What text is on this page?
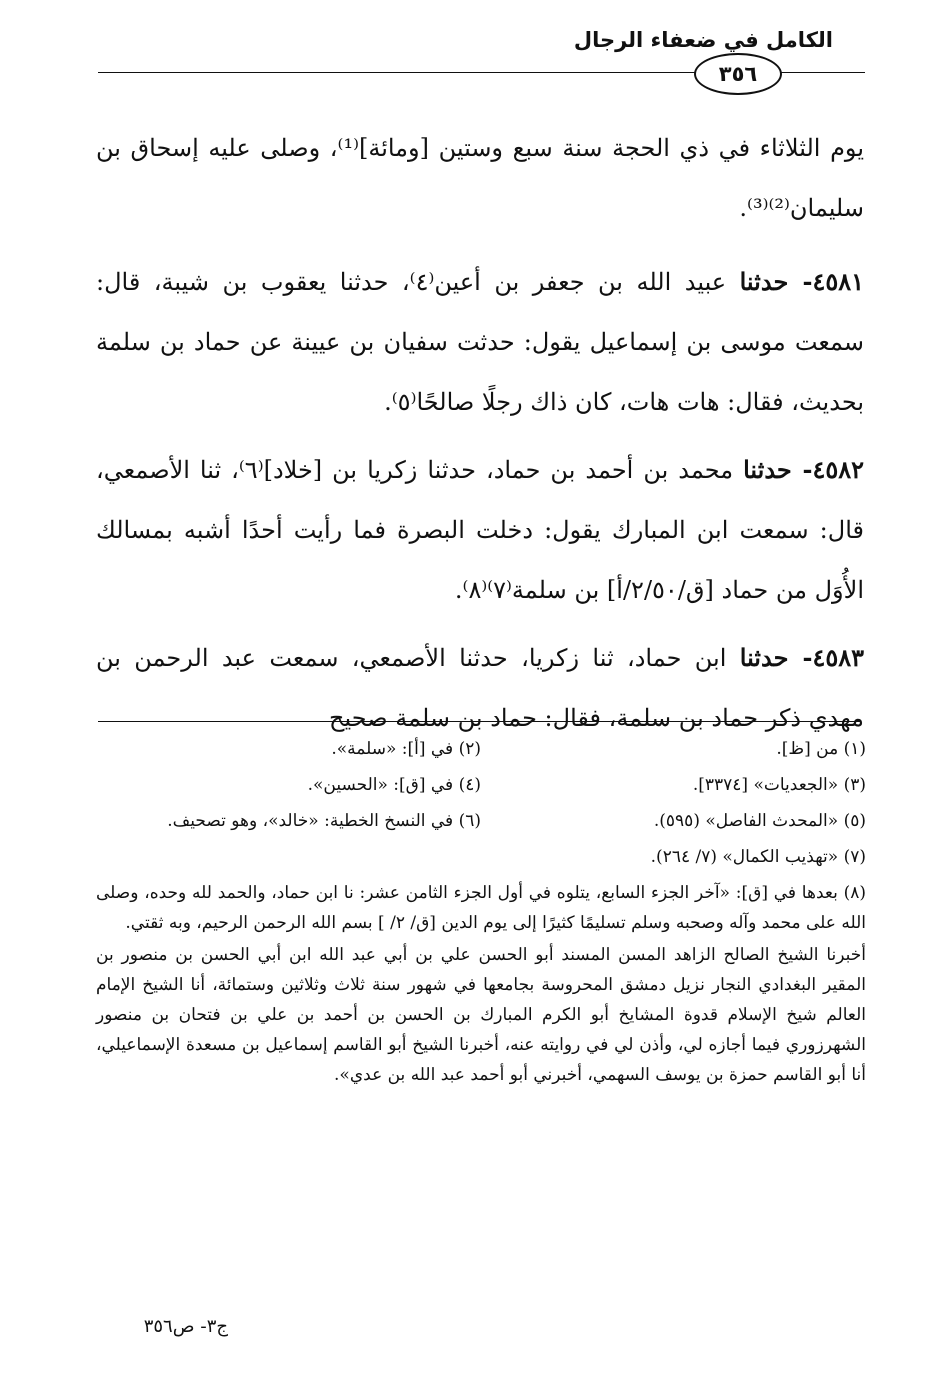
الكامل في ضعفاء الرجال
٣٥٦

يوم الثلاثاء في ذي الحجة سنة سبع وستين [ومائة]⁽¹⁾، وصلى عليه إسحاق بن سليمان⁽²⁾⁽³⁾.

٤٥٨١- حدثنا عبيد الله بن جعفر بن أعين⁽٤⁾، حدثنا يعقوب بن شيبة، قال: سمعت موسى بن إسماعيل يقول: حدثت سفيان بن عيينة عن حماد بن سلمة بحديث، فقال: هات هات، كان ذاك رجلًا صالحًا⁽٥⁾.

٤٥٨٢- حدثنا محمد بن أحمد بن حماد، حدثنا زكريا بن [خلاد]⁽٦⁾، ثنا الأصمعي، قال: سمعت ابن المبارك يقول: دخلت البصرة فما رأيت أحدًا أشبه بمسالك الأُوَل من حماد [ق/٢/٥٠/أ] بن سلمة⁽٧⁾⁽٨⁾.

٤٥٨٣- حدثنا ابن حماد، ثنا زكريا، حدثنا الأصمعي، سمعت عبد الرحمن بن مهدي ذكر حماد بن سلمة، فقال: حماد بن سلمة صحيح

(١) من [ظ].
(٢) في [أ]: «سلمة».
(٣) «الجعديات» [٣٣٧٤].
(٤) في [ق]: «الحسين».
(٥) «المحدث الفاصل» (٥٩٥).
(٦) في النسخ الخطية: «خالد»، وهو تصحيف.
(٧) «تهذيب الكمال» (٧/ ٢٦٤).
(٨) بعدها في [ق]: «آخر الجزء السابع، يتلوه في أول الجزء الثامن عشر: نا ابن حماد، والحمد لله وحده، وصلى الله على محمد وآله وصحبه وسلم تسليمًا كثيرًا إلى يوم الدين [ق/ ٢/ ] بسم الله الرحمن الرحيم، وبه ثقتي.
أخبرنا الشيخ الصالح الزاهد المسن المسند أبو الحسن علي بن أبي عبد الله ابن أبي الحسن بن منصور بن المقير البغدادي النجار نزيل دمشق المحروسة بجامعها في شهور سنة ثلاث وثلاثين وستمائة، أنا الشيخ الإمام العالم شيخ الإسلام قدوة المشايخ أبو الكرم المبارك بن الحسن بن أحمد بن علي بن فتحان بن منصور الشهرزوري فيما أجازه لي، وأذن لي في روايته عنه، أخبرنا الشيخ أبو القاسم إسماعيل بن مسعدة الإسماعيلي، أنا أبو القاسم حمزة بن يوسف السهمي، أخبرني أبو أحمد عبد الله بن عدي».
ج٣- ص٣٥٦
